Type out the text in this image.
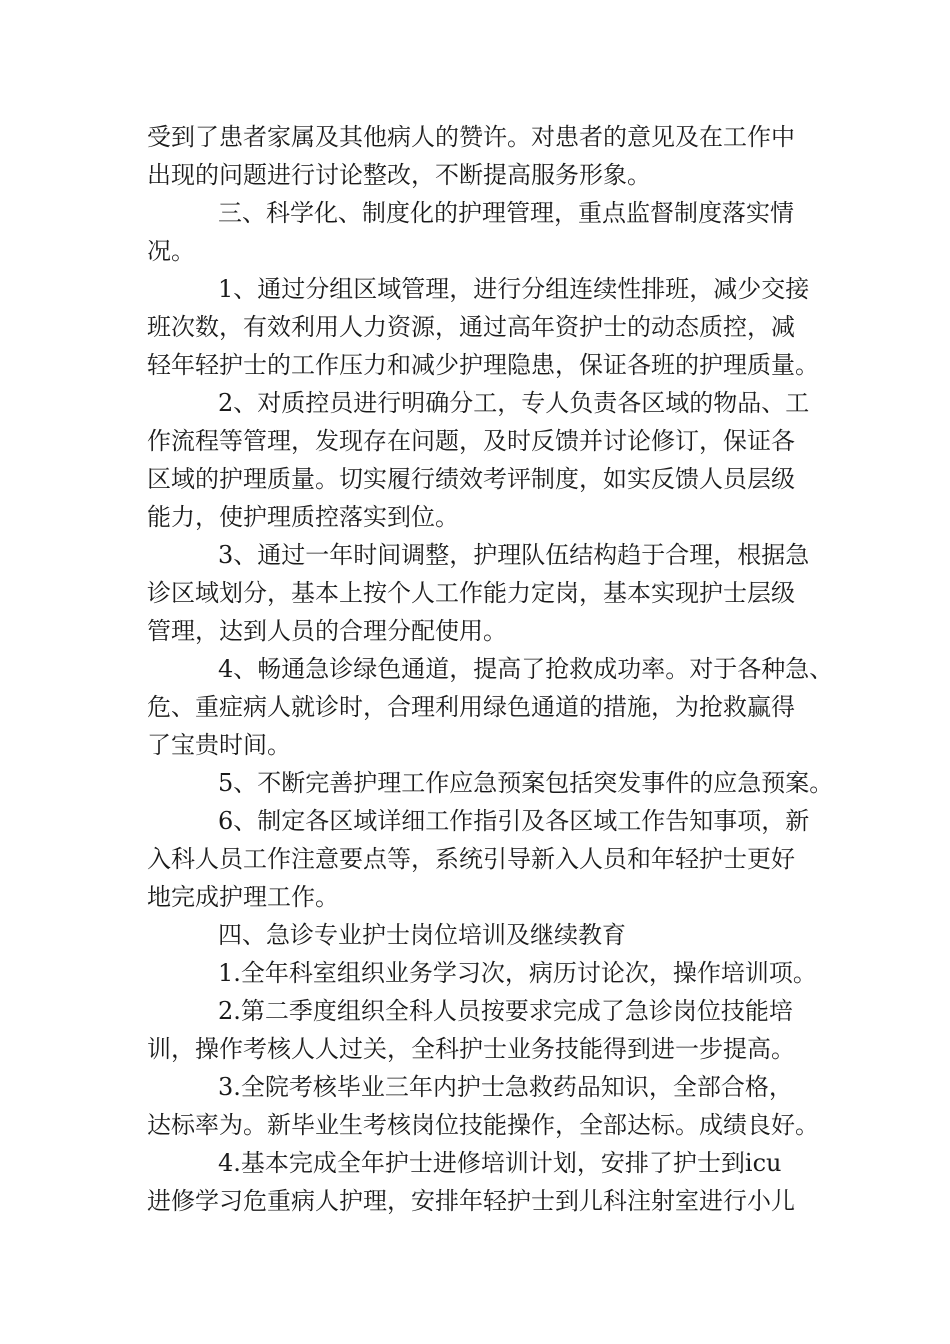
受到了患者家属及其他病人的赞许。对患者的意见及在工作中
出现的问题进行讨论整改，不断提高服务形象。
三、科学化、制度化的护理管理，重点监督制度落实情
况。
1、通过分组区域管理，进行分组连续性排班，减少交接
班次数，有效利用人力资源，通过高年资护士的动态质控，减
轻年轻护士的工作压力和减少护理隐患，保证各班的护理质量。
2、对质控员进行明确分工，专人负责各区域的物品、工
作流程等管理，发现存在问题，及时反馈并讨论修订，保证各
区域的护理质量。切实履行绩效考评制度，如实反馈人员层级
能力，使护理质控落实到位。
3、通过一年时间调整，护理队伍结构趋于合理，根据急
诊区域划分，基本上按个人工作能力定岗，基本实现护士层级
管理，达到人员的合理分配使用。
4、畅通急诊绿色通道，提高了抢救成功率。对于各种急、
危、重症病人就诊时，合理利用绿色通道的措施，为抢救赢得
了宝贵时间。
5、不断完善护理工作应急预案包括突发事件的应急预案。
6、制定各区域详细工作指引及各区域工作告知事项，新
入科人员工作注意要点等，系统引导新入人员和年轻护士更好
地完成护理工作。
四、急诊专业护士岗位培训及继续教育
1.全年科室组织业务学习次，病历讨论次，操作培训项。
2.第二季度组织全科人员按要求完成了急诊岗位技能培
训，操作考核人人过关，全科护士业务技能得到进一步提高。
3.全院考核毕业三年内护士急救药品知识，全部合格，
达标率为。新毕业生考核岗位技能操作，全部达标。成绩良好。
4.基本完成全年护士进修培训计划，安排了护士到icu
进修学习危重病人护理，安排年轻护士到儿科注射室进行小儿
